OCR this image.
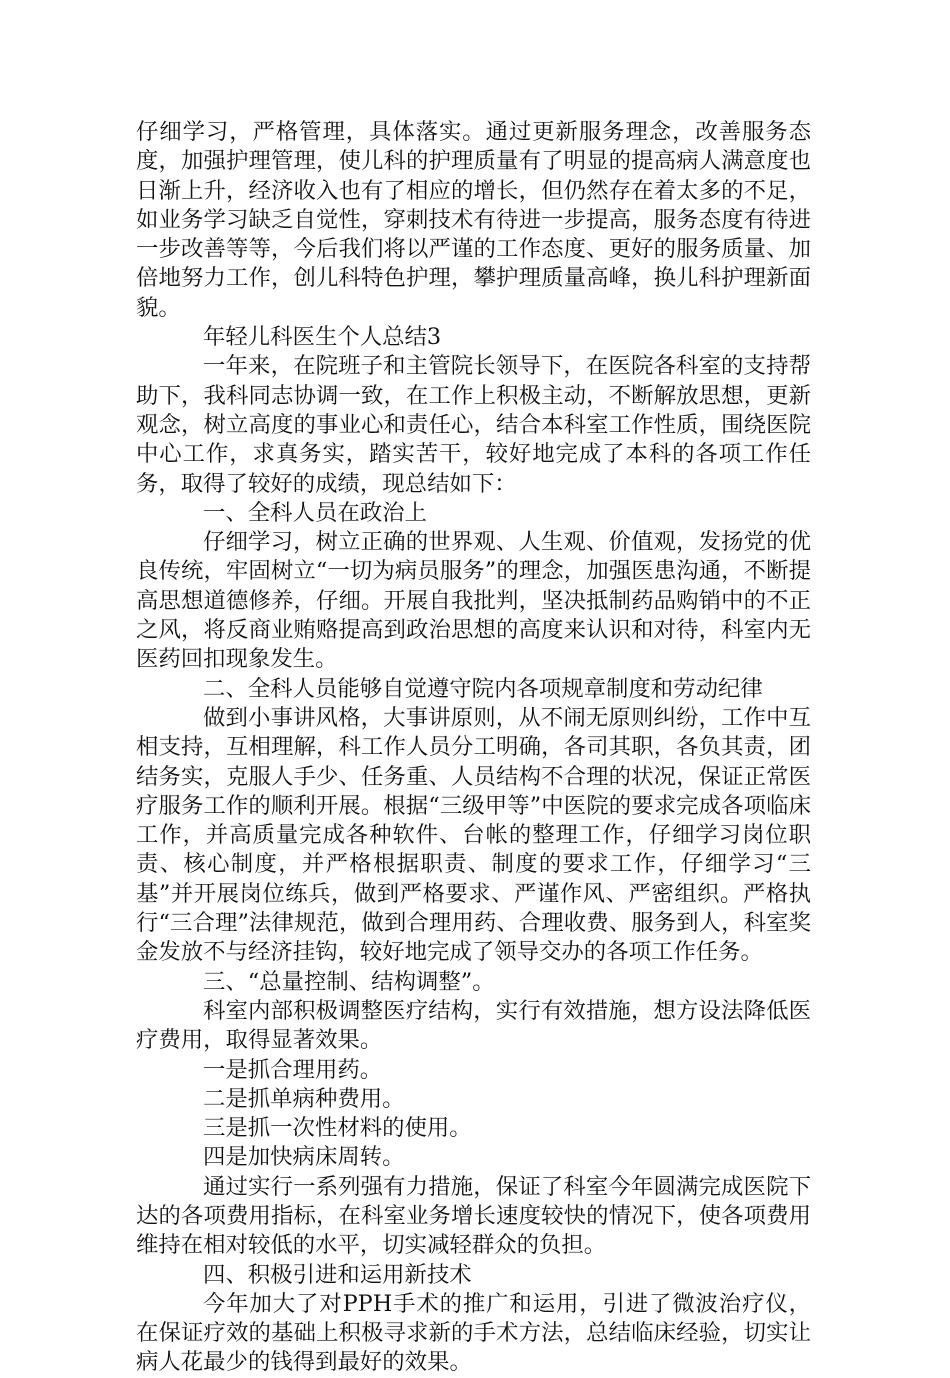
仔细学习，严格管理，具体落实。通过更新服务理念，改善服务态度，加强护理管理，使儿科的护理质量有了明显的提高病人满意度也日渐上升，经济收入也有了相应的增长，但仍然存在着太多的不足，如业务学习缺乏自觉性，穿刺技术有待进一步提高，服务态度有待进一步改善等等，今后我们将以严谨的工作态度、更好的服务质量、加倍地努力工作，创儿科特色护理，攀护理质量高峰，换儿科护理新面貌。

年轻儿科医生个人总结3

一年来，在院班子和主管院长领导下，在医院各科室的支持帮助下，我科同志协调一致，在工作上积极主动，不断解放思想，更新观念，树立高度的事业心和责任心，结合本科室工作性质，围绕医院中心工作，求真务实，踏实苦干，较好地完成了本科的各项工作任务，取得了较好的成绩，现总结如下：

一、全科人员在政治上

仔细学习，树立正确的世界观、人生观、价值观，发扬党的优良传统，牢固树立“一切为病员服务”的理念，加强医患沟通，不断提高思想道德修养，仔细。开展自我批判，坚决抵制药品购销中的不正之风，将反商业贿赂提高到政治思想的高度来认识和对待，科室内无医药回扣现象发生。

二、全科人员能够自觉遵守院内各项规章制度和劳动纪律

做到小事讲风格，大事讲原则，从不闹无原则纠纷，工作中互相支持，互相理解，科工作人员分工明确，各司其职，各负其责，团结务实，克服人手少、任务重、人员结构不合理的状况，保证正常医疗服务工作的顺利开展。根据“三级甲等”中医院的要求完成各项临床工作，并高质量完成各种软件、台帐的整理工作，仔细学习岗位职责、核心制度，并严格根据职责、制度的要求工作，仔细学习“三基”并开展岗位练兵，做到严格要求、严谨作风、严密组织。严格执行“三合理”法律规范，做到合理用药、合理收费、服务到人，科室奖金发放不与经济挂钩，较好地完成了领导交办的各项工作任务。

三、“总量控制、结构调整”。

科室内部积极调整医疗结构，实行有效措施，想方设法降低医疗费用，取得显著效果。

一是抓合理用药。

二是抓单病种费用。

三是抓一次性材料的使用。

四是加快病床周转。

通过实行一系列强有力措施，保证了科室今年圆满完成医院下达的各项费用指标，在科室业务增长速度较快的情况下，使各项费用维持在相对较低的水平，切实减轻群众的负担。

四、积极引进和运用新技术

今年加大了对PPH手术的推广和运用，引进了微波治疗仪，在保证疗效的基础上积极寻求新的手术方法，总结临床经验，切实让病人花最少的钱得到最好的效果。
